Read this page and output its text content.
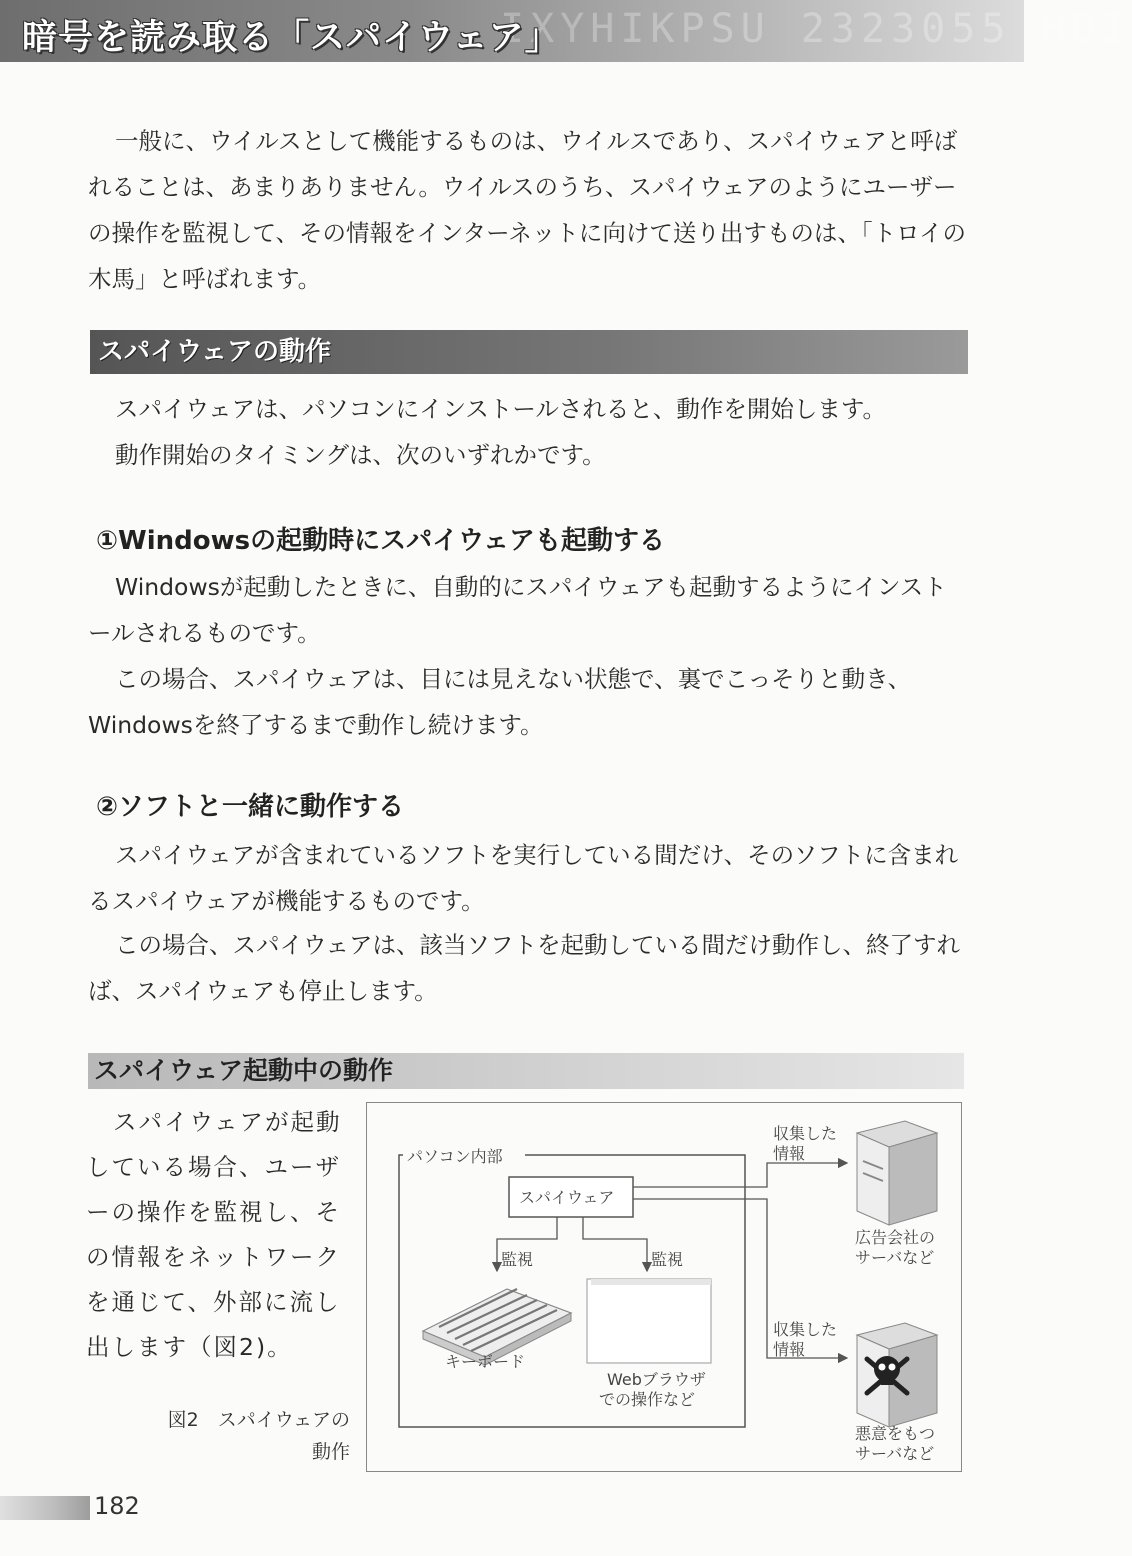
IXYHIKPSU 2323055 HDI
暗号を読み取る「スパイウェア」

一般に、ウイルスとして機能するものは、ウイルスであり、スパイウェアと呼ばれることは、あまりありません。ウイルスのうち、スパイウェアのようにユーザーの操作を監視して、その情報をインターネットに向けて送り出すものは、「トロイの木馬」と呼ばれます。

スパイウェアの動作

スパイウェアは、パソコンにインストールされると、動作を開始します。

動作開始のタイミングは、次のいずれかです。

①Windowsの起動時にスパイウェアも起動する

Windowsが起動したときに、自動的にスパイウェアも起動するようにインストールされるものです。

この場合、スパイウェアは、目には見えない状態で、裏でこっそりと動き、Windowsを終了するまで動作し続けます。

②ソフトと一緒に動作する

スパイウェアが含まれているソフトを実行している間だけ、そのソフトに含まれるスパイウェアが機能するものです。

この場合、スパイウェアは、該当ソフトを起動している間だけ動作し、終了すれば、スパイウェアも停止します。

スパイウェア起動中の動作

スパイウェアが起動している場合、ユーザーの操作を監視し、その情報をネットワークを通じて、外部に流し出します（図2)。

図2　スパイウェアの
動作
パソコン内部
スパイウェア
監視	監視
キーボード
Webブラウザ
での操作など
収集した
情報
収集した
情報
広告会社の
サーバなど
悪意をもつ
サーバなど
182
